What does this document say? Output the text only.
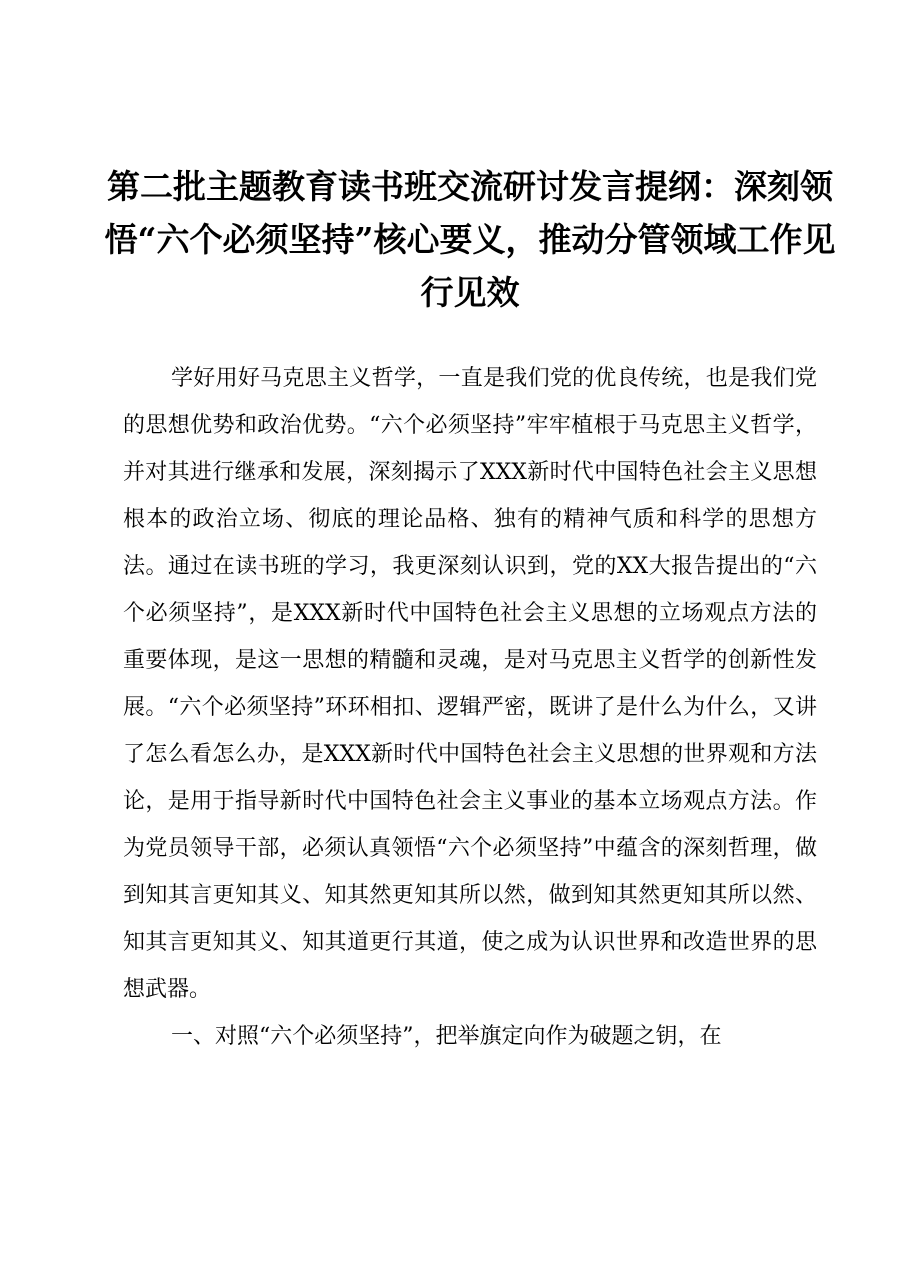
第二批主题教育读书班交流研讨发言提纲：深刻领悟“六个必须坚持”核心要义，推动分管领域工作见行见效

学好用好马克思主义哲学，一直是我们党的优良传统，也是我们党的思想优势和政治优势。“六个必须坚持”牢牢植根于马克思主义哲学，并对其进行继承和发展，深刻揭示了XXX新时代中国特色社会主义思想根本的政治立场、彻底的理论品格、独有的精神气质和科学的思想方法。通过在读书班的学习，我更深刻认识到，党的XX大报告提出的“六个必须坚持”，是XXX新时代中国特色社会主义思想的立场观点方法的重要体现，是这一思想的精髓和灵魂，是对马克思主义哲学的创新性发展。“六个必须坚持”环环相扣、逻辑严密，既讲了是什么为什么，又讲了怎么看怎么办，是XXX新时代中国特色社会主义思想的世界观和方法论，是用于指导新时代中国特色社会主义事业的基本立场观点方法。作为党员领导干部，必须认真领悟“六个必须坚持”中蕴含的深刻哲理，做到知其言更知其义、知其然更知其所以然，做到知其然更知其所以然、知其言更知其义、知其道更行其道，使之成为认识世界和改造世界的思想武器。

一、对照“六个必须坚持”，把举旗定向作为破题之钥，在
